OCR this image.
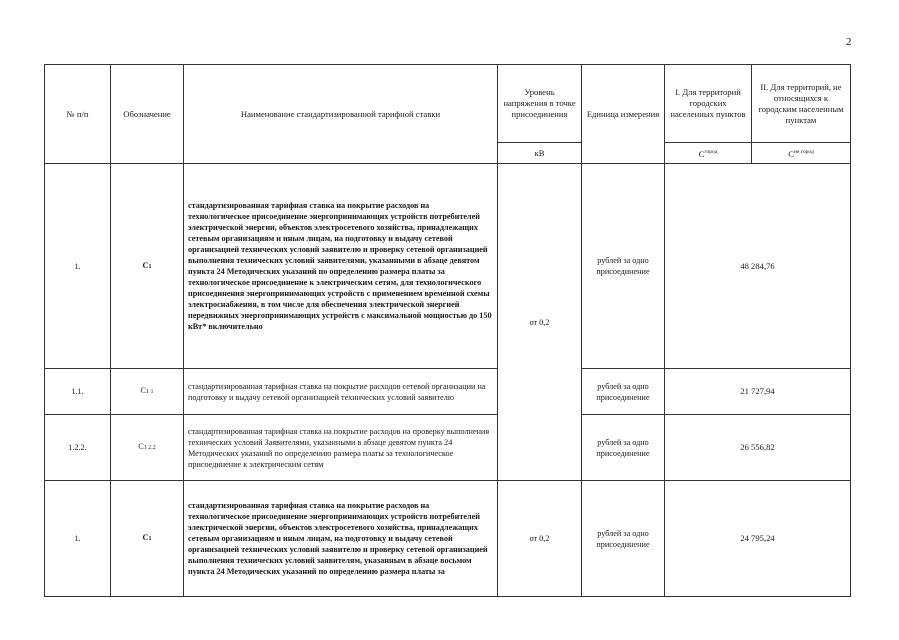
2
№ п/п	Обозначение	Наименование стандартизированной тарифной ставки	Уровень напряжения в точке присоединения	Единица измерения	I. Для территорий городских населенных пунктов	II. Для территорий, не относящихся к городским населенным пунктам
			кВ		$C^{город}$	$C^{не город}$
1.	C1	стандартизированная тарифная ставка на покрытие расходов на технологическое присоединение энергопринимающих устройств потребителей электрической энергии, объектов электросетевого хозяйства, принадлежащих сетевым организациям и иным лицам, на подготовку и выдачу сетевой организацией технических условий заявителю и проверку сетевой организацией выполнения технических условий заявителями, указанными в абзаце девятом пункта 24 Методических указаний по определению размера платы за технологическое присоединение к электрическим сетям, для технологического присоединения энергопринимающих устройств с применением временной схемы электроснабжения, в том числе для обеспечения электрической энергией передвижных энергопринимающих устройств с максимальной мощностью до 150 кВт* включительно	от 0,2	рублей за одно присоединение	48 284,76	
1.1.	C1 1	стандартизированная тарифная ставка на покрытие расходов сетевой организации на подготовку и выдачу сетевой организацией технических условий заявителю		рублей за одно присоединение	21 727,94	
1.2.2.	C1 2.2	стандартизированная тарифная ставка на покрытие расходов на проверку выполнения технических условий Заявителями, указанными в абзаце девятом пункта 24 Методических указаний по определению размера платы за технологическое присоединение к электрическим сетям		рублей за одно присоединение	26 556,82	
1.	C1	стандартизированная тарифная ставка на покрытие расходов на технологическое присоединение энергопринимающих устройств потребителей электрической энергии, объектов электросетевого хозяйства, принадлежащих сетевым организациям и иным лицам, на подготовку и выдачу сетевой организацией технических условий заявителю и проверку сетевой организацией выполнения технических условий заявителям, указанным в абзаце восьмом пункта 24 Методических указаний по определению размера платы за	от 0,2	рублей за одно присоединение	24 795,24	
